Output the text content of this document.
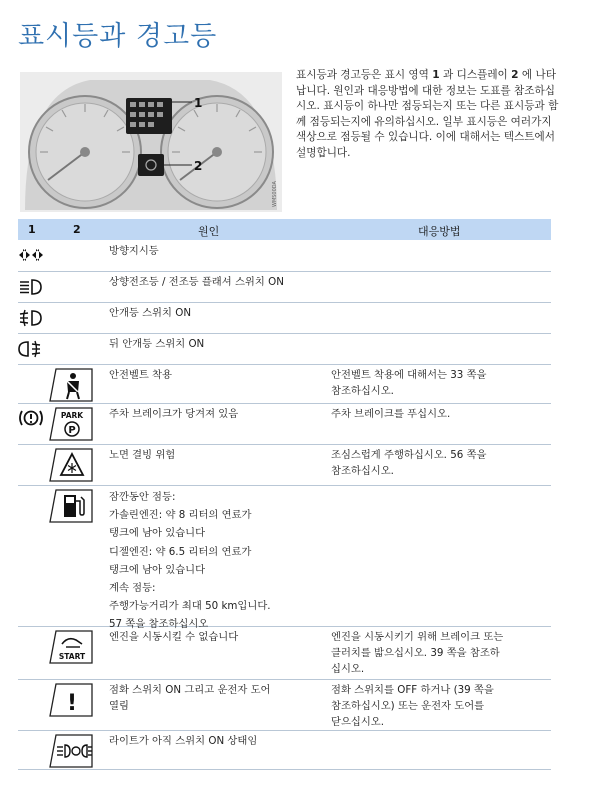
표시등과 경고등
1
2
WMS00DA
표시등과 경고등은 표시 영역 1 과 디스플레이 2 에 나타납니다. 원인과 대응방법에 대한 정보는 도표를 참조하십시오. 표시등이 하나만 점등되는지 또는 다른 표시등과 함께 점등되는지에 유의하십시오. 일부 표시등은 여러가지 색상으로 점등될 수 있습니다. 이에 대해서는 텍스트에서 설명합니다.
1	2	원인	대응방법
방향지시등
상향전조등 / 전조등 플래셔 스위치 ON
안개등 스위치 ON
뒤 안개등 스위치 ON
안전벨트 착용	안전벨트 착용에 대해서는 33 쪽을
참조하십시오.
PARK
P
주차 브레이크가 당겨져 있음	주차 브레이크를 푸십시오.
노면 결빙 위험	조심스럽게 주행하십시오. 56 쪽을
참조하십시오.
잠깐동안 점등:
가솔린엔진: 약 8 리터의 연료가
탱크에 남아 있습니다
디젤엔진: 약 6.5 리터의 연료가
탱크에 남아 있습니다
계속 점등:
주행가능거리가 최대 50 km입니다.
57 쪽을 참조하십시오
START
엔진을 시동시킬 수 없습니다	엔진을 시동시키기 위해 브레이크 또는
클러치를 밟으십시오. 39 쪽을 참조하
십시오.
!
점화 스위치 ON 그리고 운전자 도어
열림
점화 스위치를 OFF 하거나 (39 쪽을
참조하십시오) 또는 운전자 도어를
닫으십시오.
라이트가 아직 스위치 ON 상태임
